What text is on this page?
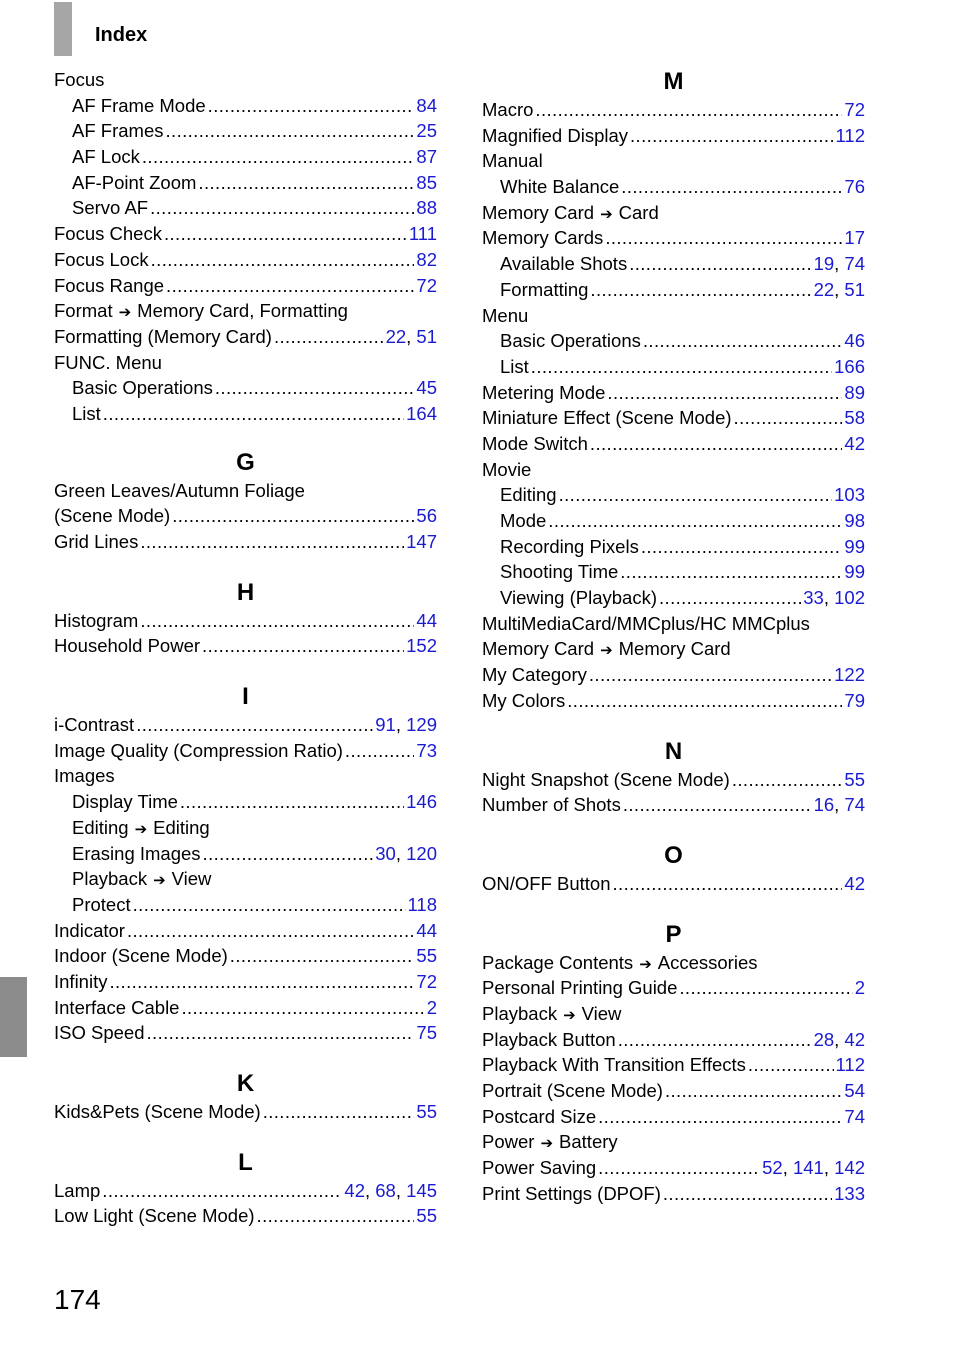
Index
Focus
AF Frame Mode .....	84
AF Frames .....	25
AF Lock .....	87
AF-Point Zoom .....	85
Servo AF .....	88
Focus Check .....	111
Focus Lock .....	82
Focus Range .....	72
Format ➔ Memory Card, Formatting
Formatting (Memory Card) .....	22, 51
FUNC. Menu
Basic Operations .....	45
List .....	164
G
Green Leaves/Autumn Foliage
(Scene Mode) .....	56
Grid Lines .....	147
H
Histogram .....	44
Household Power .....	152
I
i-Contrast .....	91, 129
Image Quality (Compression Ratio) .....	73
Images
Display Time .....	146
Editing ➔ Editing
Erasing Images .....	30, 120
Playback ➔ View
Protect .....	118
Indicator .....	44
Indoor (Scene Mode) .....	55
Infinity .....	72
Interface Cable .....	2
ISO Speed .....	75
K
Kids&Pets (Scene Mode) .....	55
L
Lamp .....	42, 68, 145
Low Light (Scene Mode) .....	55
M
Macro .....	72
Magnified Display .....	112
Manual
White Balance .....	76
Memory Card ➔ Card
Memory Cards .....	17
Available Shots .....	19, 74
Formatting .....	22, 51
Menu
Basic Operations .....	46
List .....	166
Metering Mode .....	89
Miniature Effect (Scene Mode) .....	58
Mode Switch .....	42
Movie
Editing .....	103
Mode .....	98
Recording Pixels .....	99
Shooting Time .....	99
Viewing (Playback) .....	33, 102
MultiMediaCard/MMCplus/HC MMCplus
Memory Card ➔ Memory Card
My Category .....	122
My Colors .....	79
N
Night Snapshot (Scene Mode) .....	55
Number of Shots .....	16, 74
O
ON/OFF Button .....	42
P
Package Contents ➔ Accessories
Personal Printing Guide .....	2
Playback ➔ View
Playback Button .....	28, 42
Playback With Transition Effects .....	112
Portrait (Scene Mode) .....	54
Postcard Size .....	74
Power ➔ Battery
Power Saving .....	52, 141, 142
Print Settings (DPOF) .....	133
174
